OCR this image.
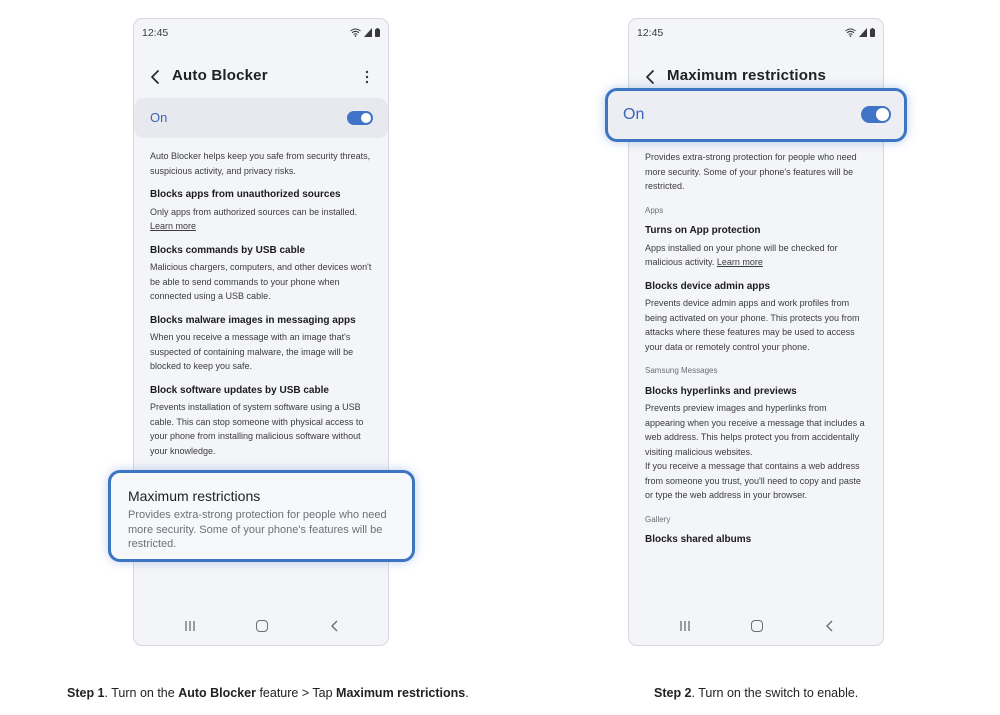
12:45
Auto Blocker
On
Auto Blocker helps keep you safe from security threats, suspicious activity, and privacy risks.
Blocks apps from unauthorized sources
Only apps from authorized sources can be installed. Learn more
Blocks commands by USB cable
Malicious chargers, computers, and other devices won't be able to send commands to your phone when connected using a USB cable.
Blocks malware images in messaging apps
When you receive a message with an image that's suspected of containing malware, the image will be blocked to keep you safe.
Block software updates by USB cable
Prevents installation of system software using a USB cable. This can stop someone with physical access to your phone from installing malicious software without your knowledge.
Maximum restrictions
Provides extra-strong protection for people who need more security. Some of your phone's features will be restricted.
12:45
Maximum restrictions
Provides extra-strong protection for people who need more security. Some of your phone's features will be restricted.
Apps
Turns on App protection
Apps installed on your phone will be checked for malicious activity. Learn more
Blocks device admin apps
Prevents device admin apps and work profiles from being activated on your phone. This protects you from attacks where these features may be used to access your data or remotely control your phone.
Samsung Messages
Blocks hyperlinks and previews
Prevents preview images and hyperlinks from appearing when you receive a message that includes a web address. This helps protect you from accidentally visiting malicious websites.
If you receive a message that contains a web address from someone you trust, you'll need to copy and paste or type the web address in your browser.
Gallery
Blocks shared albums
On
Step 1. Turn on the Auto Blocker feature > Tap Maximum restrictions.	Step 2. Turn on the switch to enable.
